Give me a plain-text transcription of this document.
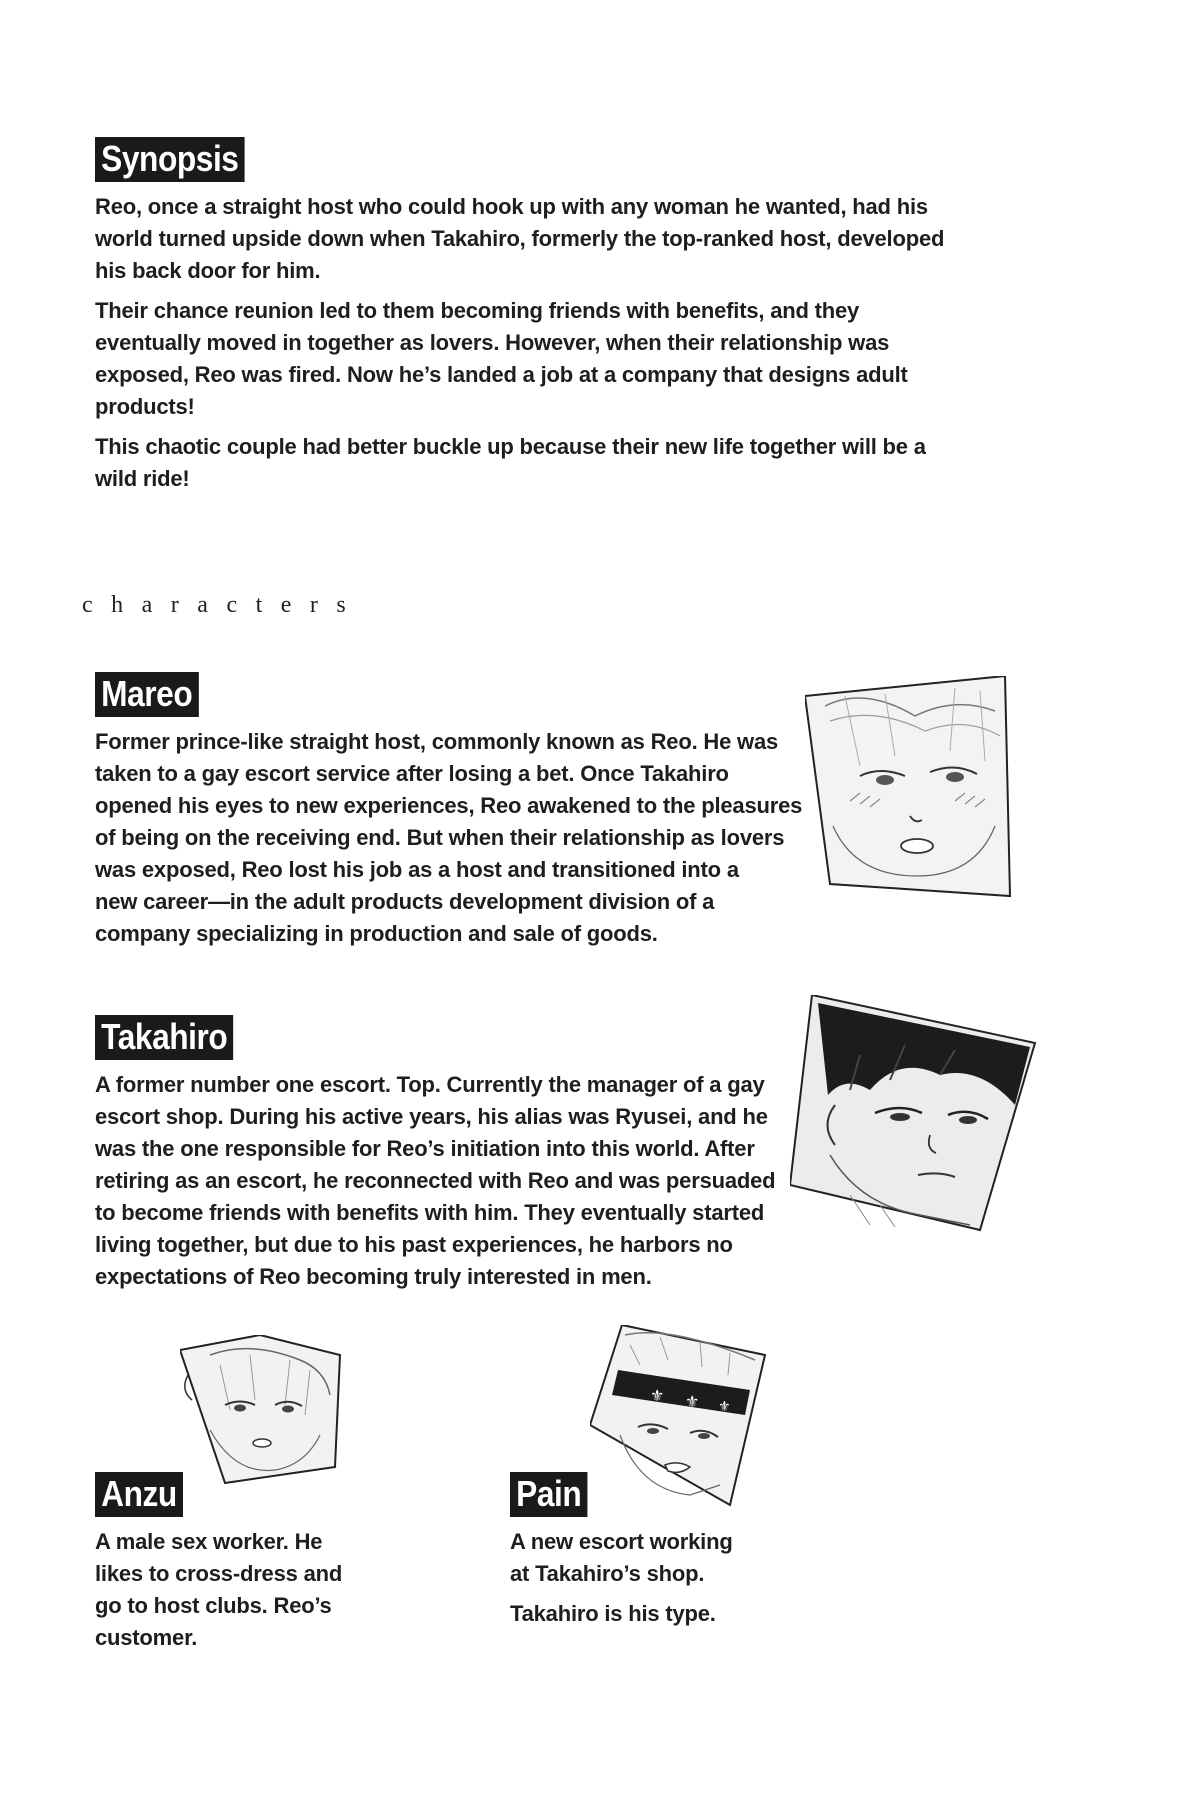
Synopsis

Reo, once a straight host who could hook up with any woman he wanted, had his
world turned upside down when Takahiro, formerly the top-ranked host, developed
his back door for him.

Their chance reunion led to them becoming friends with benefits, and they
eventually moved in together as lovers. However, when their relationship was
exposed, Reo was fired. Now he’s landed a job at a company that designs adult
products!

This chaotic couple had better buckle up because their new life together will be a
wild ride!

characters
Mareo

Former prince-like straight host, commonly known as Reo. He was
taken to a gay escort service after losing a bet. Once Takahiro
opened his eyes to new experiences, Reo awakened to the pleasures
of being on the receiving end. But when their relationship as lovers
was exposed, Reo lost his job as a host and transitioned into a
new career—in the adult products development division of a
company specializing in production and sale of goods.

Takahiro

A former number one escort. Top. Currently the manager of a gay
escort shop. During his active years, his alias was Ryusei, and he
was the one responsible for Reo’s initiation into this world. After
retiring as an escort, he reconnected with Reo and was persuaded
to become friends with benefits with him. They eventually started
living together, but due to his past experiences, he harbors no
expectations of Reo becoming truly interested in men.

Anzu

A male sex worker. He
likes to cross-dress and
go to host clubs. Reo’s
customer.

⚜ ⚜ ⚜
Pain

A new escort working
at Takahiro’s shop.

Takahiro is his type.
